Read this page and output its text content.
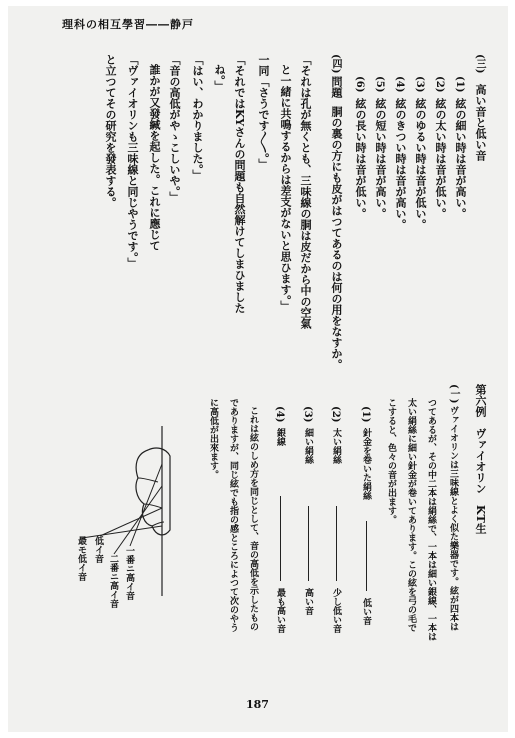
理科の相互學習――静戸
(三)
高い音と低い音
(1)
絃の細い時は音が高い。
(2)
絃の太い時は音が低い。
(3)
絃のゆるい時は音が低い。
(4)
絃のきつい時は音が高い。
(5)
絃の短い時は音が高い。
(6)
絃の長い時は音が低い。
(四)
問題
胴の裏の方にも皮がはつてあるのは何の用をなすか。
「それは孔が無くとも、三味線の胴は皮だから中の空氣
と一緒に共鳴するからは差支がないと思ひます。」
一同「さうです〳〵。」
「それではKYさんの問題も自然解けてしまひました
ね。」
「はい、わかりました。」
「音の高低がやゝこしいや。」
誰かが又發緘を起した。これに應じて
「ヴァイオリンも三味線と同じやうです。」
と立つてその研究を發表する。
第六例　ヴァイオリン　KT生
(一)
ヴァイオリンは三味線とよく似た樂器です。絃が四本は
つてあるが、その中二本は絹絲で、一本は細い銀線、一本は
太い絹絲に細い針金が卷いてあります。この絃を弓の毛で
こすると、色々の音が出ます。
(1)
針金を卷いた絹絲
低い音
(2)
太い絹絲
少し低い音
(3)
細い絹絲
高い音
(4)
銀線
最も高い音
これは絃のしめ方を同じとして、音の高低を示したもの
でありますが、同じ絃でも指の感ところによつて次のやう
に高低が出來ます。
一番ニ高イ音
二番ニ高イ音
低イ音
最モ低イ音
187
